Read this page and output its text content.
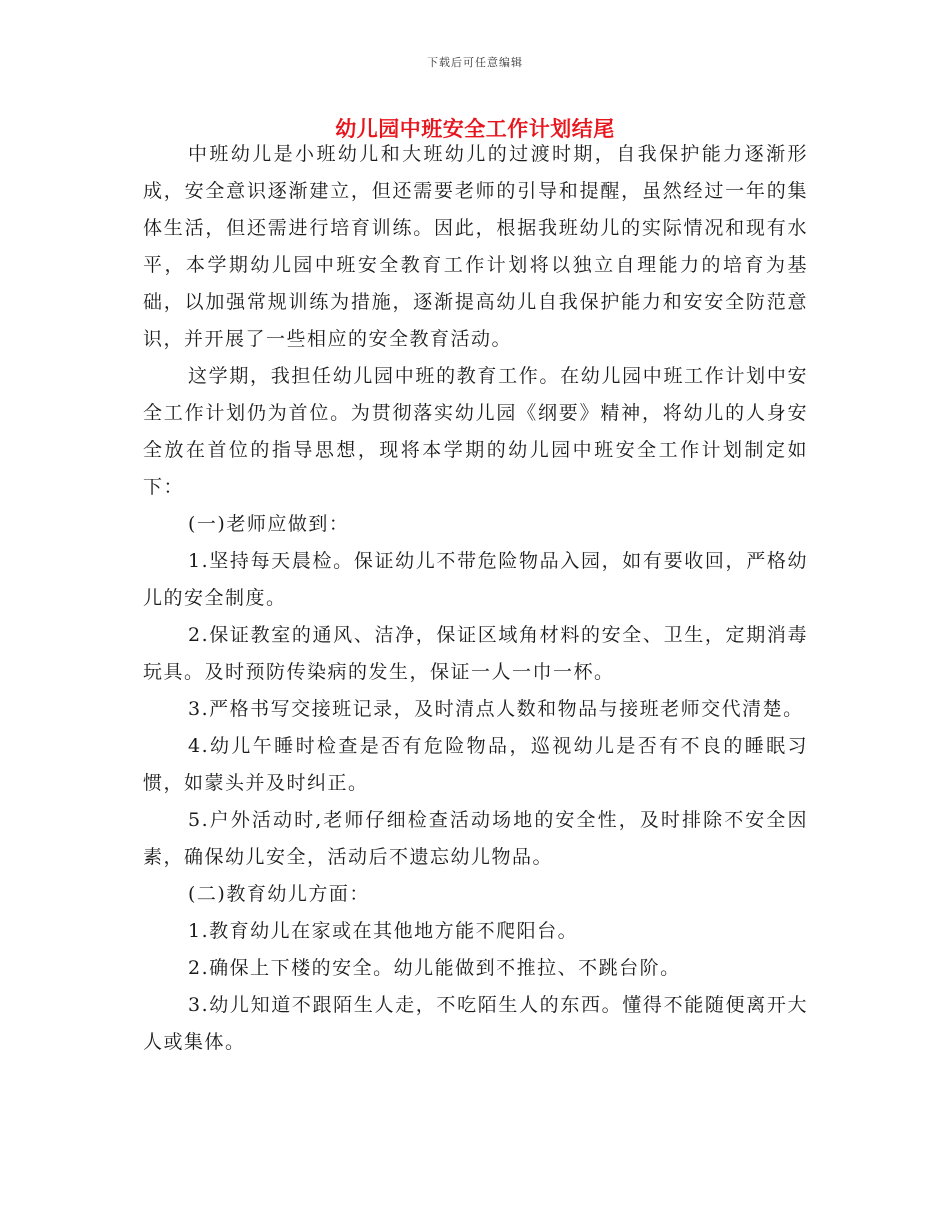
下载后可任意编辑
幼儿园中班安全工作计划结尾

中班幼儿是小班幼儿和大班幼儿的过渡时期，自我保护能力逐渐形成，安全意识逐渐建立，但还需要老师的引导和提醒，虽然经过一年的集体生活，但还需进行培育训练。因此，根据我班幼儿的实际情况和现有水平，本学期幼儿园中班安全教育工作计划将以独立自理能力的培育为基础，以加强常规训练为措施，逐渐提高幼儿自我保护能力和安安全防范意识，并开展了一些相应的安全教育活动。

这学期，我担任幼儿园中班的教育工作。在幼儿园中班工作计划中安全工作计划仍为首位。为贯彻落实幼儿园《纲要》精神，将幼儿的人身安全放在首位的指导思想，现将本学期的幼儿园中班安全工作计划制定如下：

(一)老师应做到：

1.坚持每天晨检。保证幼儿不带危险物品入园，如有要收回，严格幼儿的安全制度。

2.保证教室的通风、洁净，保证区域角材料的安全、卫生，定期消毒玩具。及时预防传染病的发生，保证一人一巾一杯。

3.严格书写交接班记录，及时清点人数和物品与接班老师交代清楚。

4.幼儿午睡时检查是否有危险物品，巡视幼儿是否有不良的睡眠习惯，如蒙头并及时纠正。

5.户外活动时,老师仔细检查活动场地的安全性，及时排除不安全因素，确保幼儿安全，活动后不遗忘幼儿物品。

(二)教育幼儿方面：

1.教育幼儿在家或在其他地方能不爬阳台。

2.确保上下楼的安全。幼儿能做到不推拉、不跳台阶。

3.幼儿知道不跟陌生人走，不吃陌生人的东西。懂得不能随便离开大人或集体。
